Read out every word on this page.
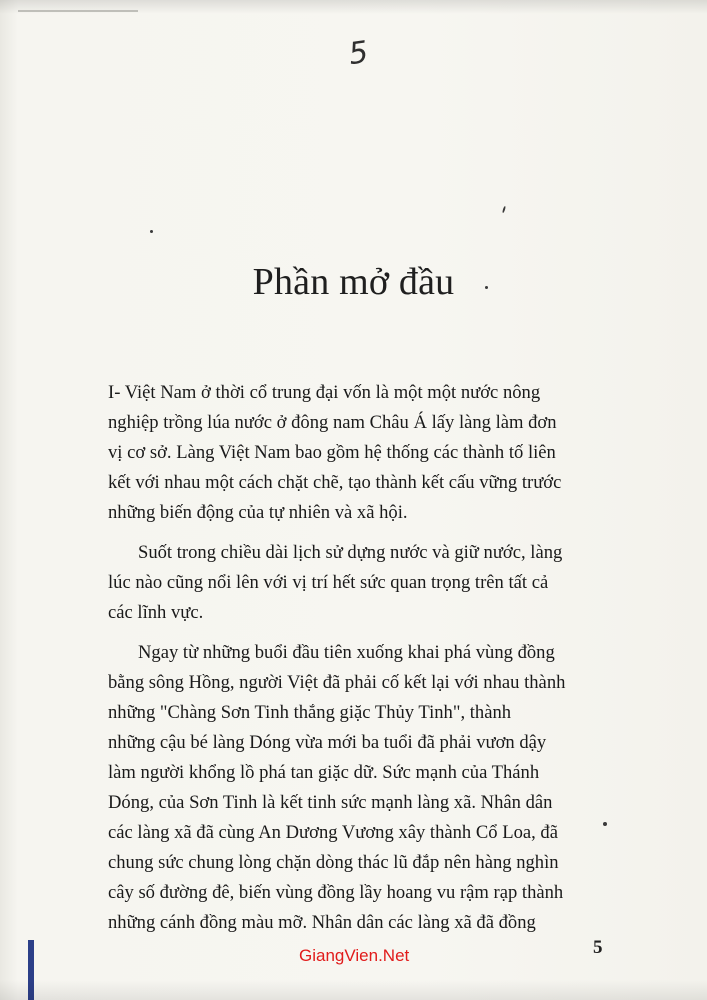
5
Phần mở đầu
I- Việt Nam ở thời cổ trung đại vốn là một một nước nông
nghiệp trồng lúa nước ở đông nam Châu Á lấy làng làm đơn
vị cơ sở. Làng Việt Nam bao gồm hệ thống các thành tố liên
kết với nhau một cách chặt chẽ, tạo thành kết cấu vững trước
những biến động của tự nhiên và xã hội.
Suốt trong chiều dài lịch sử dựng nước và giữ nước, làng
lúc nào cũng nổi lên với vị trí hết sức quan trọng trên tất cả
các lĩnh vực.
Ngay từ những buổi đầu tiên xuống khai phá vùng đồng
bằng sông Hồng, người Việt đã phải cố kết lại với nhau thành
những "Chàng Sơn Tinh thắng giặc Thủy Tinh", thành
những cậu bé làng Dóng vừa mới ba tuổi đã phải vươn dậy
làm người khổng lồ phá tan giặc dữ. Sức mạnh của Thánh
Dóng, của Sơn Tinh là kết tinh sức mạnh làng xã. Nhân dân
các làng xã đã cùng An Dương Vương xây thành Cổ Loa, đã
chung sức chung lòng chặn dòng thác lũ đắp nên hàng nghìn
cây số đường đê, biến vùng đồng lầy hoang vu rậm rạp thành
những cánh đồng màu mỡ. Nhân dân các làng xã đã đồng
5
GiangVien.Net
